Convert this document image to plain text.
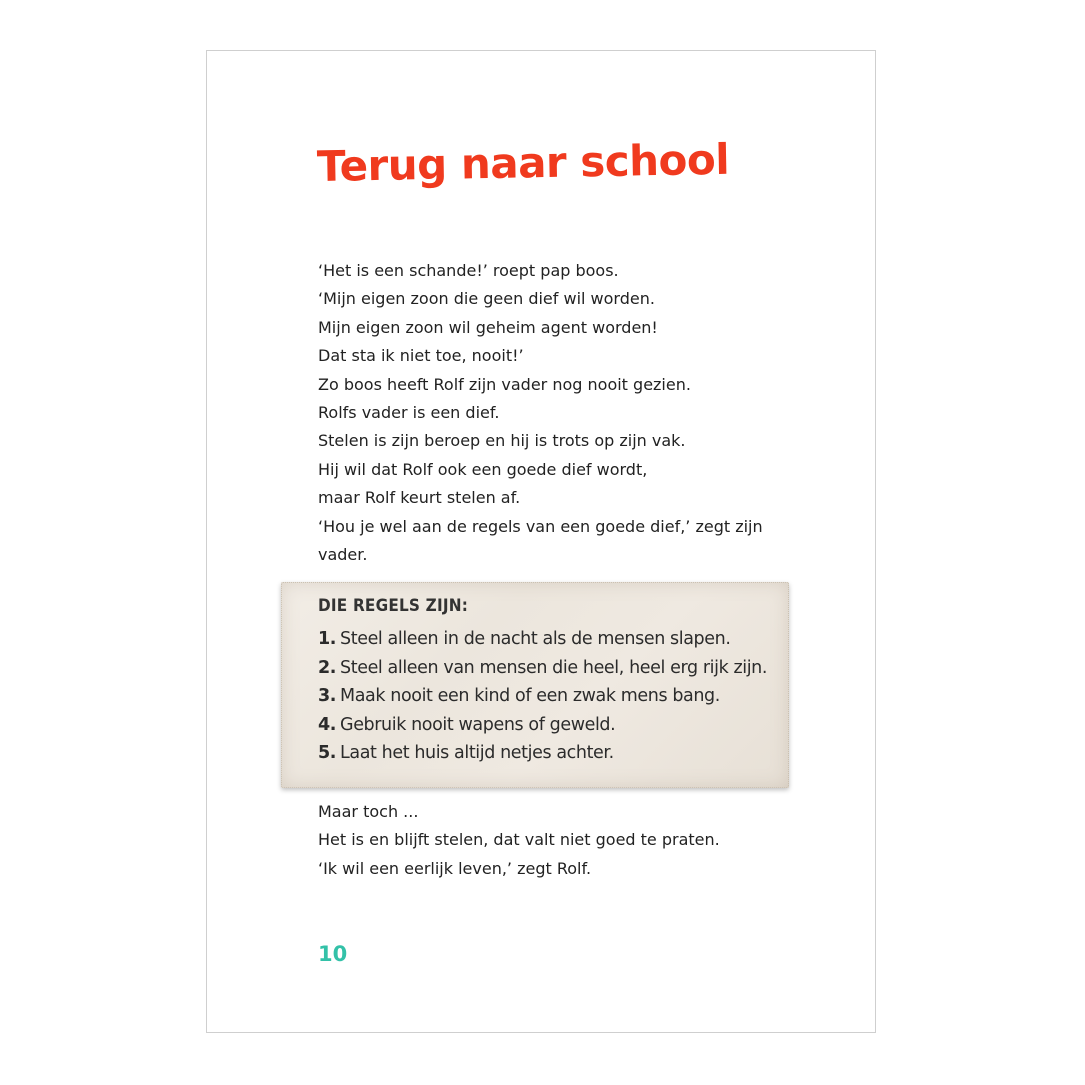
Terug naar school
‘Het is een schande!’ roept pap boos.
‘Mijn eigen zoon die geen dief wil worden.
Mijn eigen zoon wil geheim agent worden!
Dat sta ik niet toe, nooit!’
Zo boos heeft Rolf zijn vader nog nooit gezien.
Rolfs vader is een dief.
Stelen is zijn beroep en hij is trots op zijn vak.
Hij wil dat Rolf ook een goede dief wordt,
maar Rolf keurt stelen af.
‘Hou je wel aan de regels van een goede dief,’ zegt zijn
vader.
DIE REGELS ZIJN:
1. Steel alleen in de nacht als de mensen slapen.
2. Steel alleen van mensen die heel, heel erg rijk zijn.
3. Maak nooit een kind of een zwak mens bang.
4. Gebruik nooit wapens of geweld.
5. Laat het huis altijd netjes achter.
Maar toch ...
Het is en blijft stelen, dat valt niet goed te praten.
‘Ik wil een eerlijk leven,’ zegt Rolf.

10
